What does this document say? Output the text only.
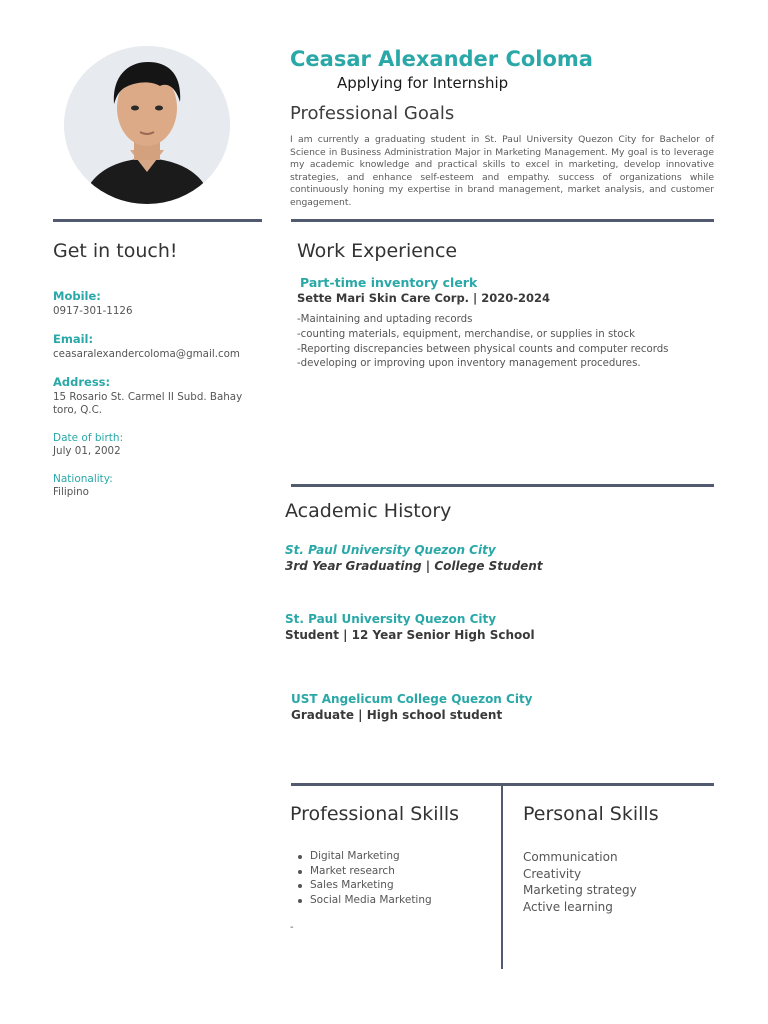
Ceasar Alexander Coloma
Applying for Internship
Professional Goals
I am currently a graduating student in St. Paul University Quezon City for Bachelor of Science in Business Administration Major in Marketing Management. My goal is to leverage my academic knowledge and practical skills to excel in marketing, develop innovative strategies, and enhance self-esteem and empathy. success of organizations while continuously honing my expertise in brand management, market analysis, and customer engagement.
Get in touch!
Mobile:
0917-301-1126
Email:
ceasaralexandercoloma@gmail.com
Address:
15 Rosario St. Carmel II Subd. Bahay toro, Q.C.
Date of birth:
July 01, 2002
Nationality:
Filipino
Work Experience
Part-time inventory clerk
Sette Mari Skin Care Corp. | 2020-2024
-Maintaining and uptading records
-counting materials, equipment, merchandise, or supplies in stock
-Reporting discrepancies between physical counts and computer records
-developing or improving upon inventory management procedures.
Academic History
St. Paul University Quezon City
3rd Year Graduating | College Student
St. Paul University Quezon City
Student | 12 Year Senior High School
UST Angelicum College Quezon City
Graduate | High school student
Professional Skills
Digital Marketing
Market research
Sales Marketing
Social Media Marketing
-
Personal Skills
Communication
Creativity
Marketing strategy
Active learning
